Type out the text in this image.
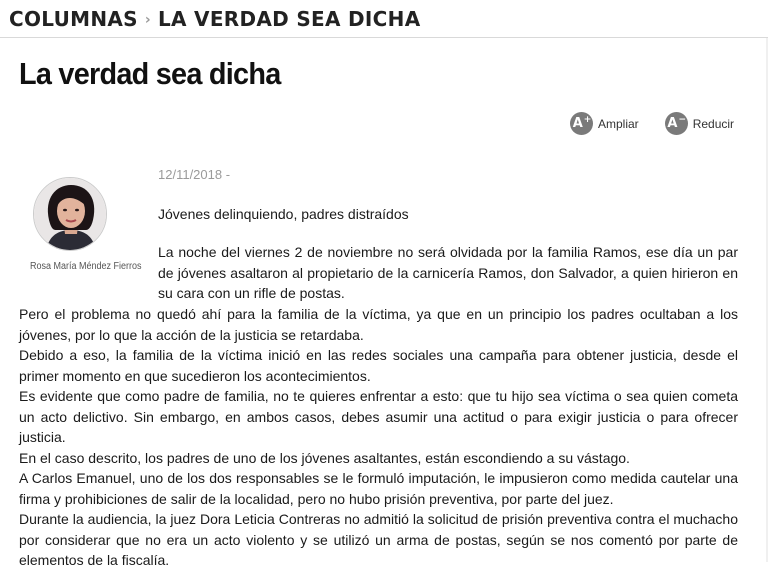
COLUMNAS › LA VERDAD SEA DICHA
La verdad sea dicha
A+ Ampliar A− Reducir
12/11/2018 -
Rosa María Méndez Fierros
Jóvenes delinquiendo, padres distraídos

La noche del viernes 2 de noviembre no será olvidada por la familia Ramos, ese día un par de jóvenes asaltaron al propietario de la carnicería Ramos, don Salvador, a quien hirieron en su cara con un rifle de postas.

Pero el problema no quedó ahí para la familia de la víctima, ya que en un principio los padres ocultaban a los jóvenes, por lo que la acción de la justicia se retardaba.

Debido a eso, la familia de la víctima inició en las redes sociales una campaña para obtener justicia, desde el primer momento en que sucedieron los acontecimientos.

Es evidente que como padre de familia, no te quieres enfrentar a esto: que tu hijo sea víctima o sea quien cometa un acto delictivo. Sin embargo, en ambos casos, debes asumir una actitud o para exigir justicia o para ofrecer justicia.

En el caso descrito, los padres de uno de los jóvenes asaltantes, están escondiendo a su vástago.

A Carlos Emanuel, uno de los dos responsables se le formuló imputación, le impusieron como medida cautelar una firma y prohibiciones de salir de la localidad, pero no hubo prisión preventiva, por parte del juez.

Durante la audiencia, la juez Dora Leticia Contreras no admitió la solicitud de prisión preventiva contra el muchacho por considerar que no era un acto violento y se utilizó un arma de postas, según se nos comentó por parte de elementos de la fiscalía.
